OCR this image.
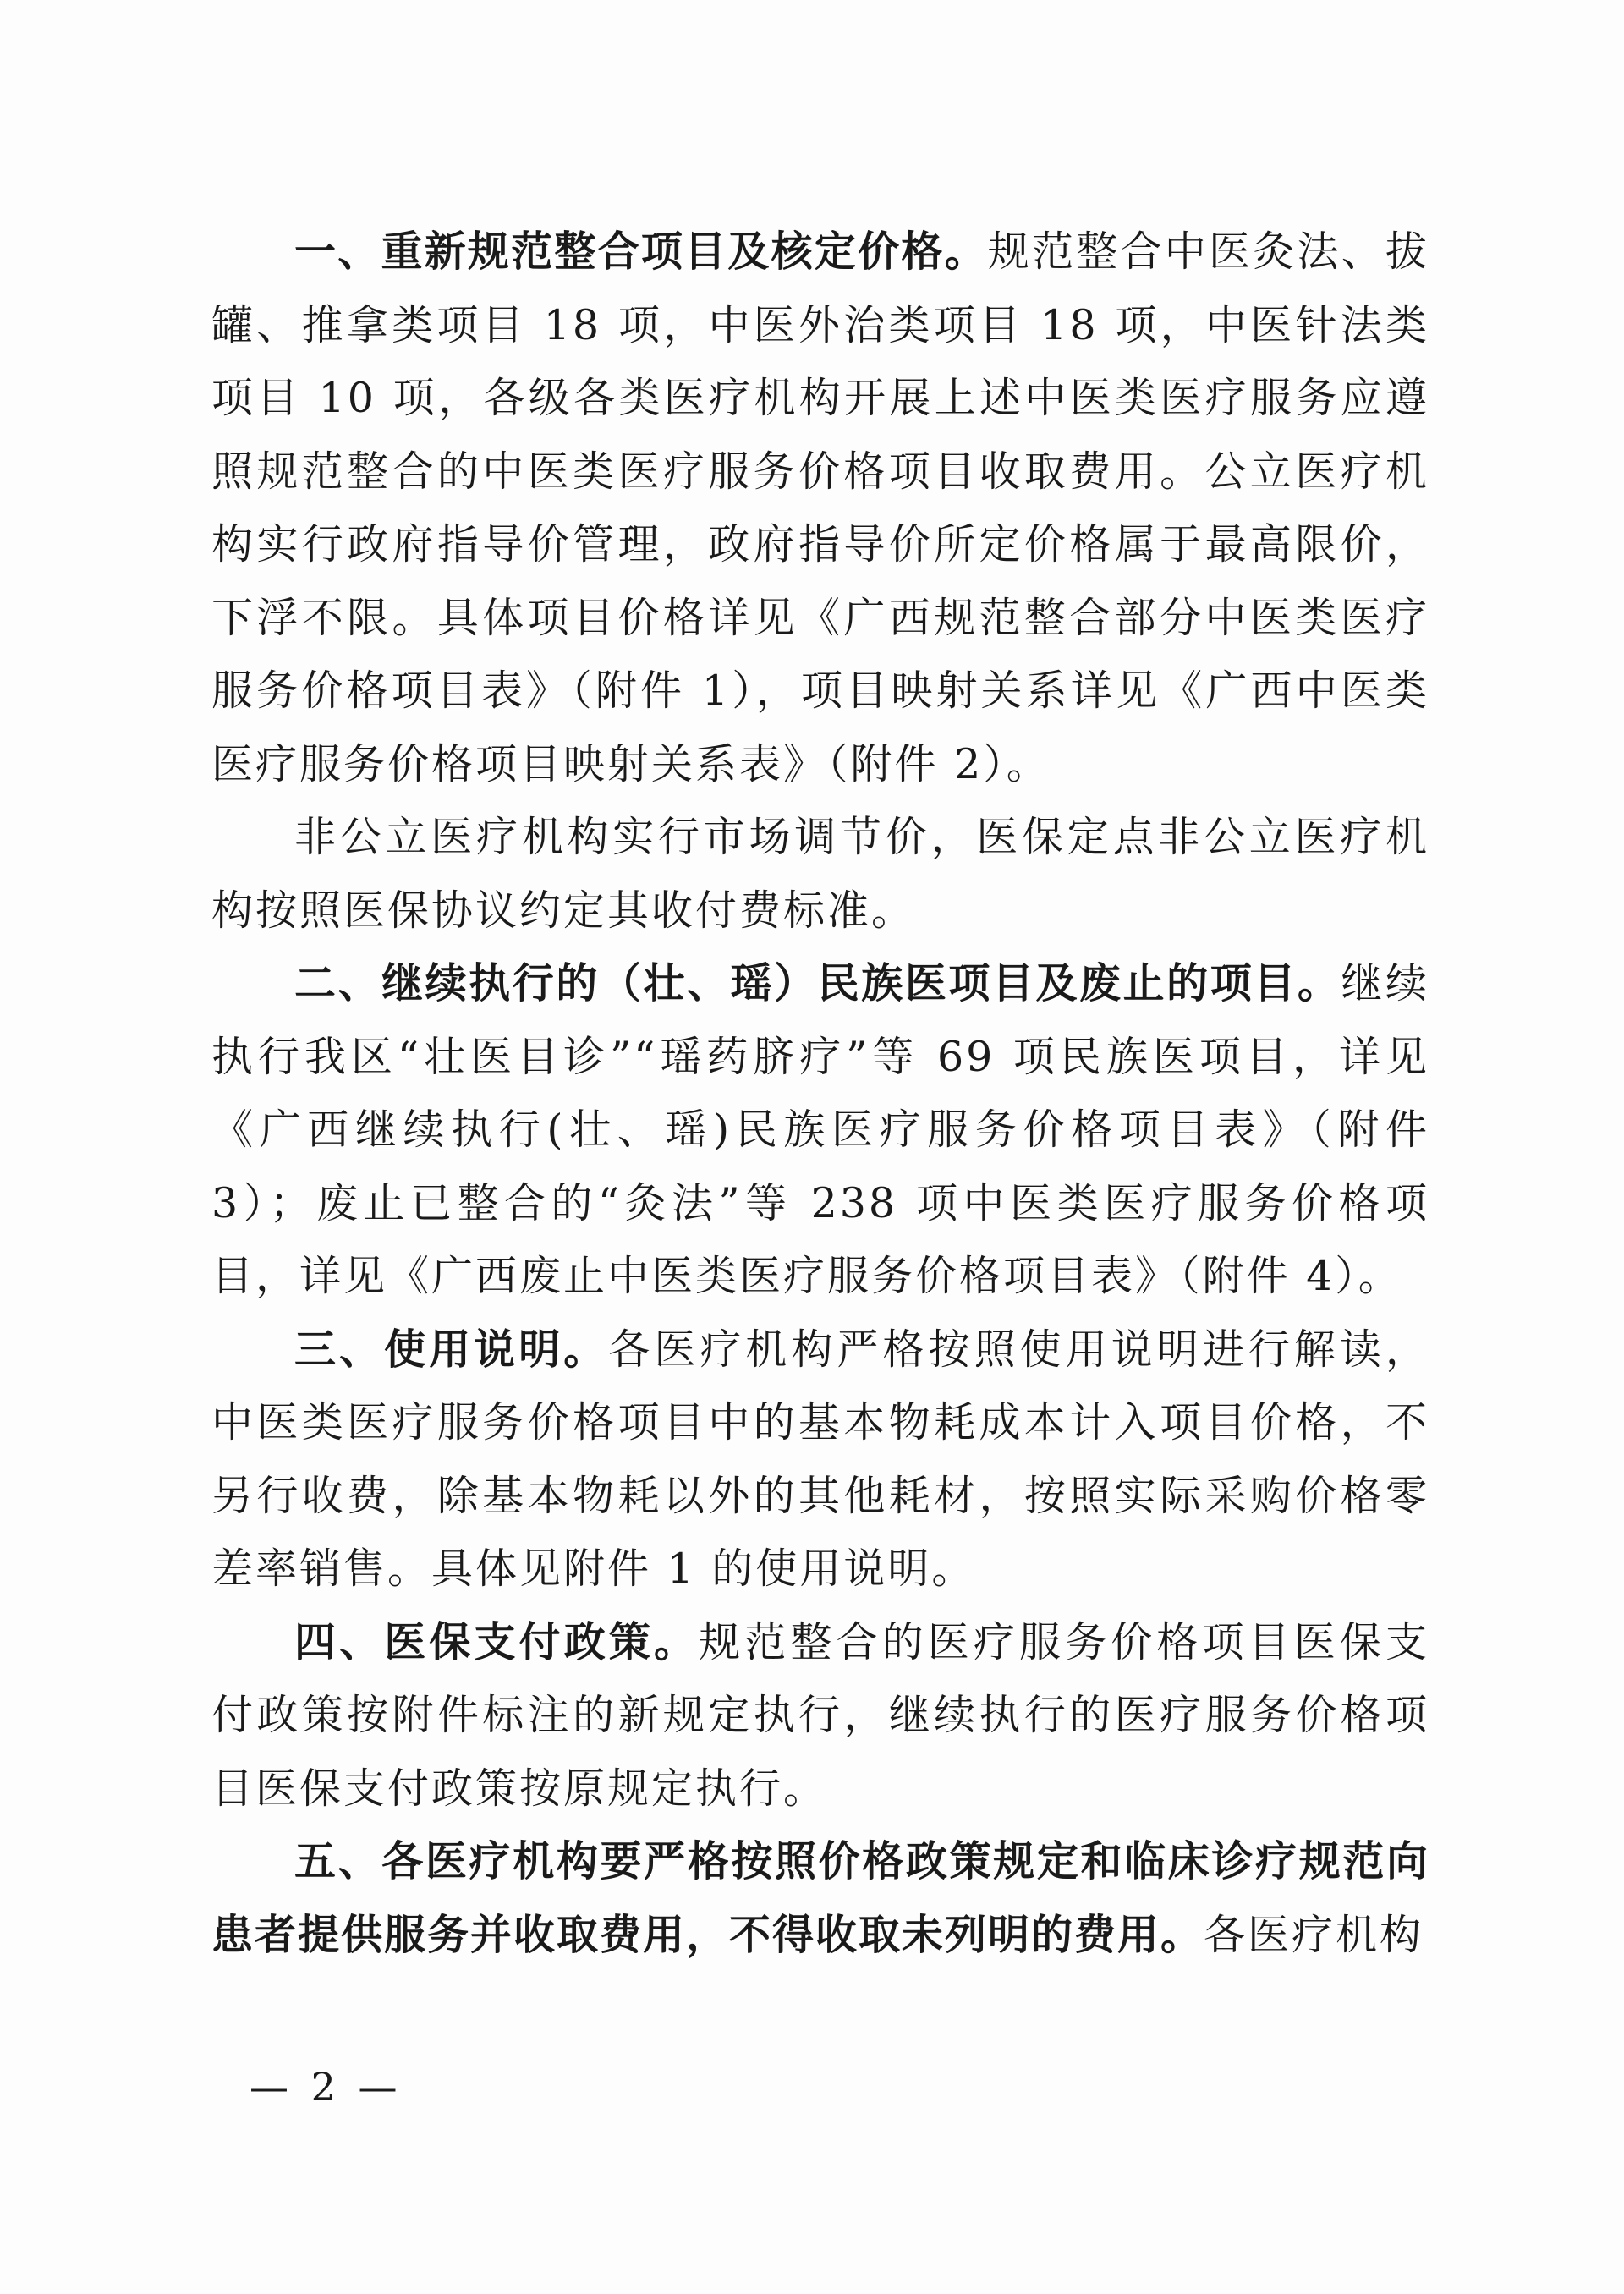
一、重新规范整合项目及核定价格。规范整合中医灸法、拔罐、推拿类项目 18 项，中医外治类项目 18 项，中医针法类项目 10 项，各级各类医疗机构开展上述中医类医疗服务应遵照规范整合的中医类医疗服务价格项目收取费用。公立医疗机构实行政府指导价管理，政府指导价所定价格属于最高限价，下浮不限。具体项目价格详见《广西规范整合部分中医类医疗服务价格项目表》（附件 1），项目映射关系详见《广西中医类医疗服务价格项目映射关系表》（附件 2）。

非公立医疗机构实行市场调节价，医保定点非公立医疗机构按照医保协议约定其收付费标准。

二、继续执行的（壮、瑶）民族医项目及废止的项目。继续执行我区“壮医目诊”“瑶药脐疗”等 69 项民族医项目，详见《广西继续执行(壮、瑶)民族医疗服务价格项目表》（附件 3）；废止已整合的“灸法”等 238 项中医类医疗服务价格项目，详见《广西废止中医类医疗服务价格项目表》（附件 4）。

三、使用说明。各医疗机构严格按照使用说明进行解读，中医类医疗服务价格项目中的基本物耗成本计入项目价格，不另行收费，除基本物耗以外的其他耗材，按照实际采购价格零差率销售。具体见附件 1 的使用说明。

四、医保支付政策。规范整合的医疗服务价格项目医保支付政策按附件标注的新规定执行，继续执行的医疗服务价格项目医保支付政策按原规定执行。

五、各医疗机构要严格按照价格政策规定和临床诊疗规范向患者提供服务并收取费用，不得收取未列明的费用。各医疗机构

— 2 —
